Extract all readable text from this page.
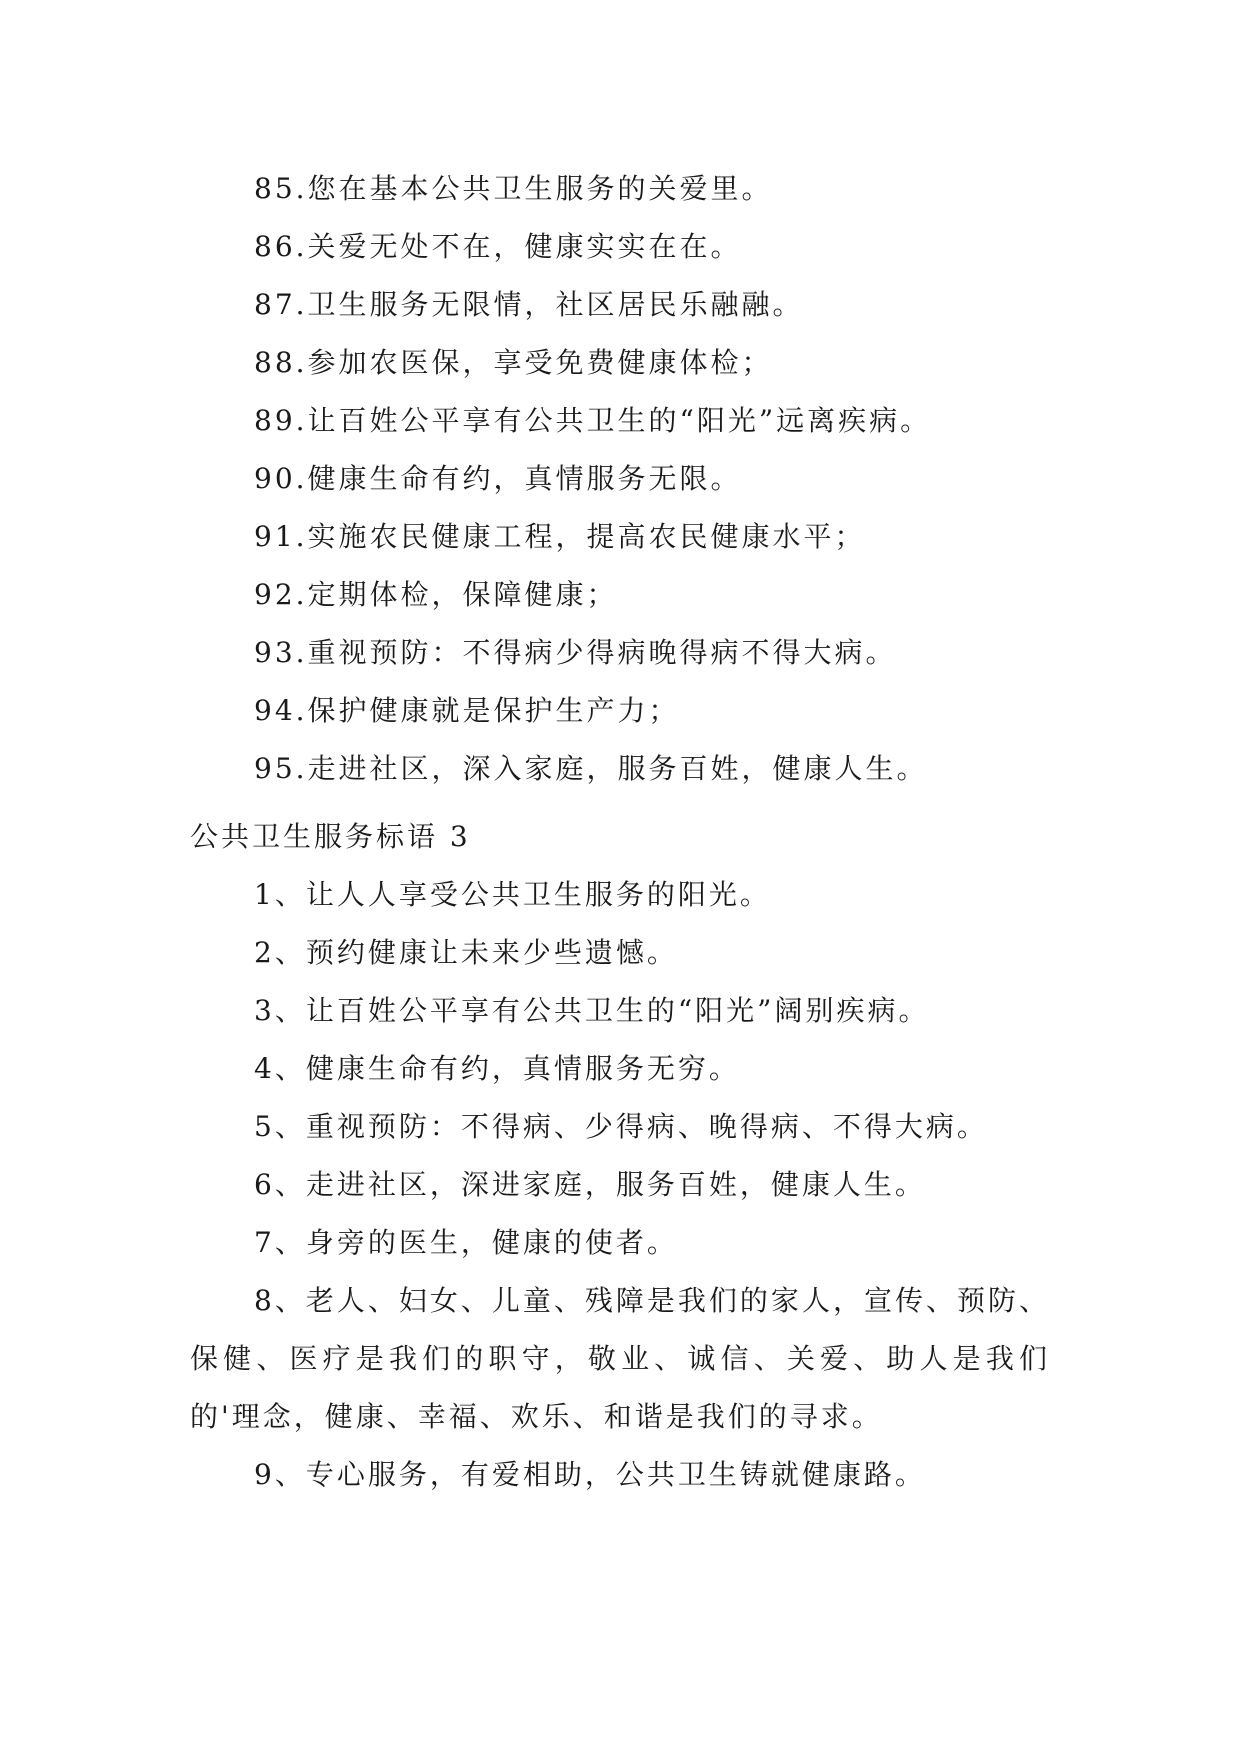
85.您在基本公共卫生服务的关爱里。

86.关爱无处不在，健康实实在在。

87.卫生服务无限情，社区居民乐融融。

88.参加农医保，享受免费健康体检；

89.让百姓公平享有公共卫生的“阳光”远离疾病。

90.健康生命有约，真情服务无限。

91.实施农民健康工程，提高农民健康水平；

92.定期体检，保障健康；

93.重视预防：不得病少得病晚得病不得大病。

94.保护健康就是保护生产力；

95.走进社区，深入家庭，服务百姓，健康人生。

公共卫生服务标语 3

1、让人人享受公共卫生服务的阳光。

2、预约健康让未来少些遗憾。

3、让百姓公平享有公共卫生的“阳光”阔别疾病。

4、健康生命有约，真情服务无穷。

5、重视预防：不得病、少得病、晚得病、不得大病。

6、走进社区，深进家庭，服务百姓，健康人生。

7、身旁的医生，健康的使者。

8、老人、妇女、儿童、残障是我们的家人，宣传、预防、保健、医疗是我们的职守，敬业、诚信、关爱、助人是我们的'理念，健康、幸福、欢乐、和谐是我们的寻求。

9、专心服务，有爱相助，公共卫生铸就健康路。
